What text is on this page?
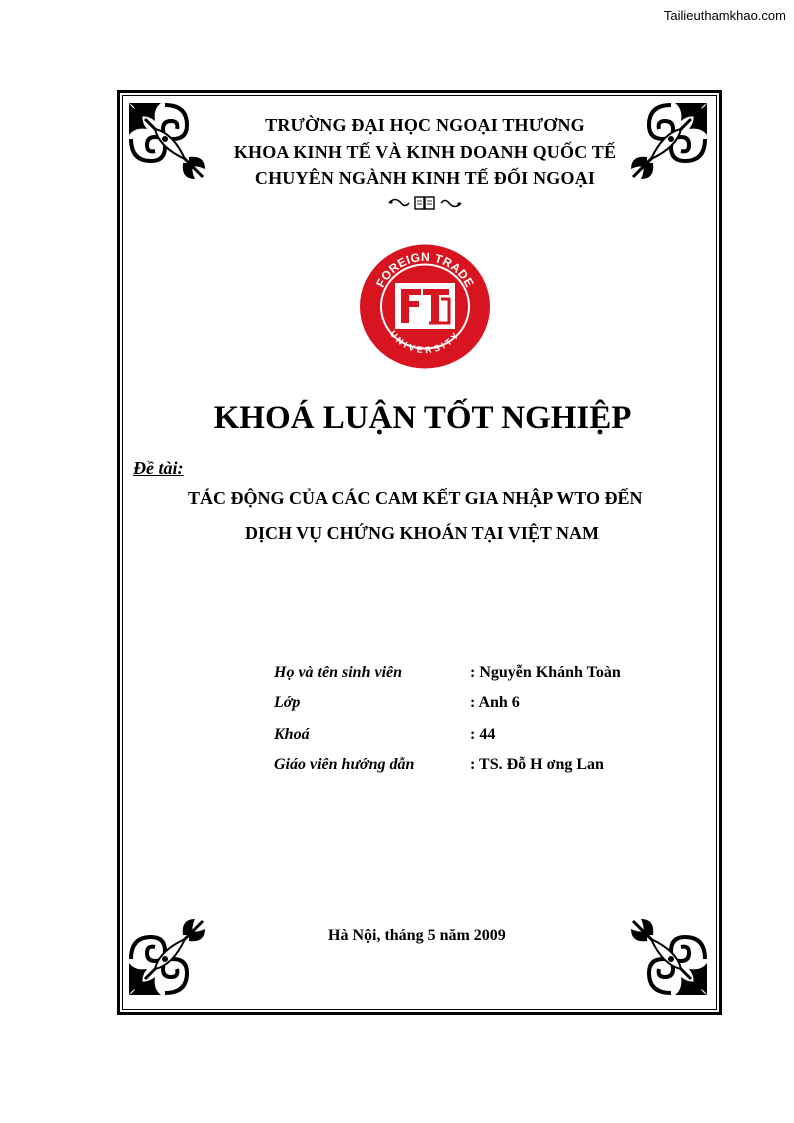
Tailieuthamkhao.com
TRƯỜNG ĐẠI HỌC NGOẠI THƯƠNG
KHOA KINH TẾ VÀ KINH DOANH QUỐC TẾ
CHUYÊN NGÀNH KINH TẾ ĐỐI NGOẠI
FOREIGN TRADE
UNIVERSITY
KHOÁ LUẬN TỐT NGHIỆP
Đề tài:
TÁC ĐỘNG CỦA CÁC CAM KẾT GIA NHẬP WTO ĐẾN
DỊCH VỤ CHỨNG KHOÁN TẠI VIỆT NAM
Họ và tên sinh viên	: Nguyễn Khánh Toàn
Lớp	: Anh 6
Khoá	: 44
Giáo viên hướng dẫn	: TS. Đỗ H ơng Lan
Hà Nội, tháng 5 năm 2009
